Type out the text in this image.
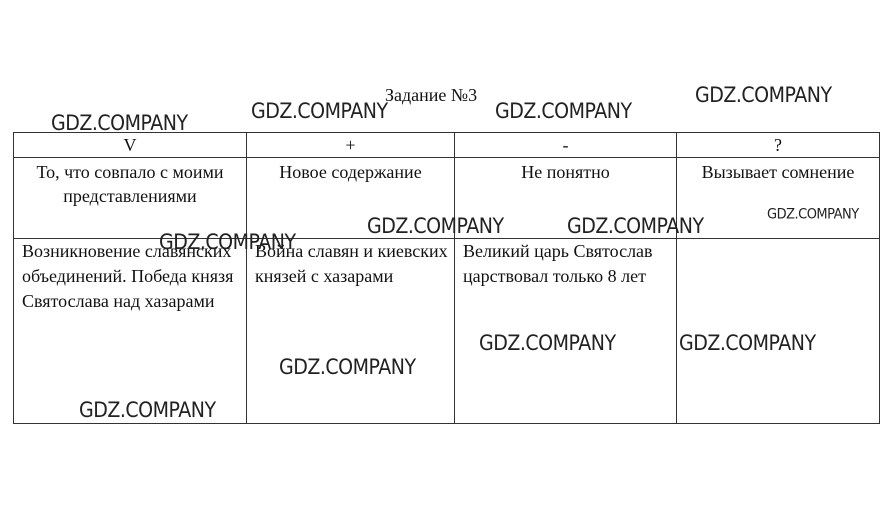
Задание №3
V	+	-	?
То, что совпало с моими представлениями	Новое содержание	Не понятно	Вызывает сомнение
Возникновение славянских объединений. Победа князя Святослава над хазарами	Война славян и киевских князей с хазарами	Великий царь Святослав царствовал только 8 лет	
GDZ.COMPANY	GDZ.COMPANY	GDZ.COMPANY
GDZ.COMPANY
GDZ.COMPANY	GDZ.COMPANY	GDZ.COMPANY
GDZ.COMPANY
GDZ.COMPANY	GDZ.COMPANY
GDZ.COMPANY
GDZ.COMPANY
